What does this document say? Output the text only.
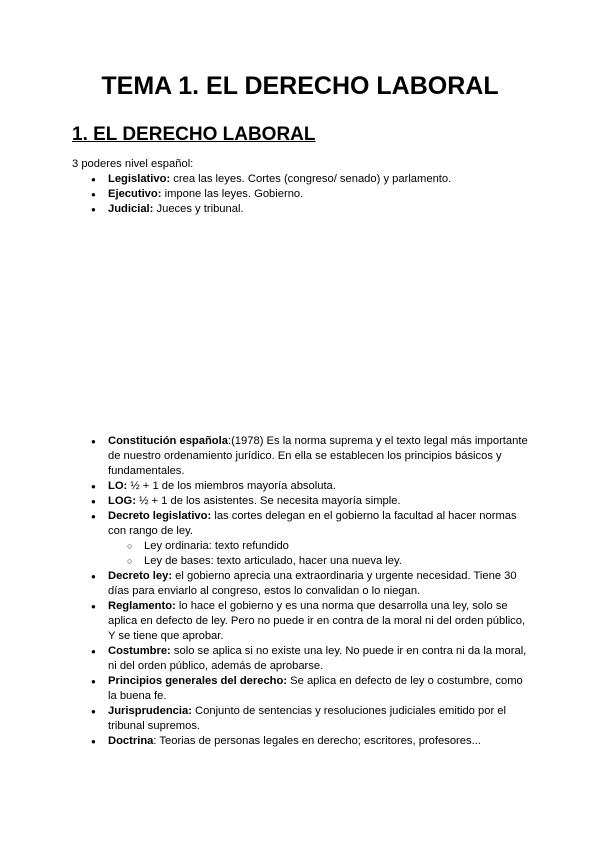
TEMA 1. EL DERECHO LABORAL
1. EL DERECHO LABORAL

3 poderes nivel español:

● Legislativo: crea las leyes. Cortes (congreso/ senado) y parlamento.
● Ejecutivo: impone las leyes. Gobierno.
● Judicial: Jueces y tribunal.
● Constitución española:(1978) Es la norma suprema y el texto legal más importante de nuestro ordenamiento jurídico. En ella se establecen los principios básicos y fundamentales.
● LO: ½ + 1 de los miembros mayoría absoluta.
● LOG: ½ + 1 de los asistentes. Se necesita mayoría simple.
● Decreto legislativo: las cortes delegan en el gobierno la facultad al hacer normas con rango de ley.
○ Ley ordinaria: texto refundido
○ Ley de bases: texto articulado, hacer una nueva ley.
● Decreto ley: el gobierno aprecia una extraordinaria y urgente necesidad. Tiene 30 días para enviarlo al congreso, estos lo convalidan o lo niegan.
● Reglamento: lo hace el gobierno y es una norma que desarrolla una ley, solo se aplica en defecto de ley. Pero no puede ir en contra de la moral ni del orden público, Y se tiene que aprobar.
● Costumbre: solo se aplica si no existe una ley. No puede ir en contra ni da la moral, ni del orden público, además de aprobarse.
● Principios generales del derecho: Se aplica en defecto de ley o costumbre, como la buena fe.
● Jurisprudencia: Conjunto de sentencias y resoluciones judiciales emitido por el tribunal supremos.
● Doctrina: Teorias de personas legales en derecho; escritores, profesores...
